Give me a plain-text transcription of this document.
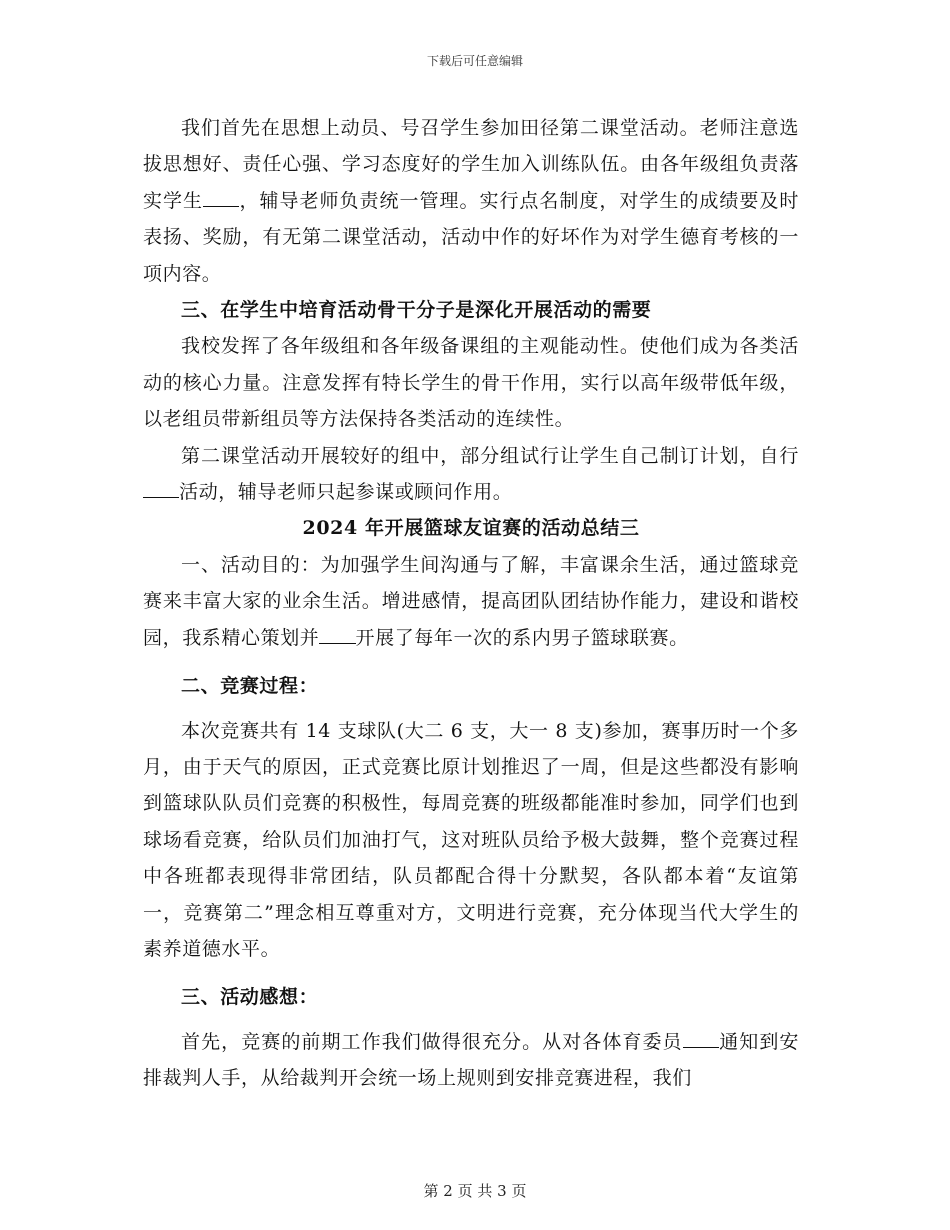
下载后可任意编辑

我们首先在思想上动员、号召学生参加田径第二课堂活动。老师注意选拔思想好、责任心强、学习态度好的学生加入训练队伍。由各年级组负责落实学生 ，辅导老师负责统一管理。实行点名制度，对学生的成绩要及时表扬、奖励，有无第二课堂活动，活动中作的好坏作为对学生德育考核的一项内容。

三、在学生中培育活动骨干分子是深化开展活动的需要

我校发挥了各年级组和各年级备课组的主观能动性。使他们成为各类活动的核心力量。注意发挥有特长学生的骨干作用，实行以高年级带低年级，以老组员带新组员等方法保持各类活动的连续性。

第二课堂活动开展较好的组中，部分组试行让学生自己制订计划，自行活动，辅导老师只起参谋或顾问作用。

2024 年开展篮球友谊赛的活动总结三

一、活动目的：为加强学生间沟通与了解，丰富课余生活，通过篮球竞赛来丰富大家的业余生活。增进感情，提高团队团结协作能力，建设和谐校园，我系精心策划并 开展了每年一次的系内男子篮球联赛。

二、竞赛过程：

本次竞赛共有 14 支球队(大二 6 支，大一 8 支)参加，赛事历时一个多月，由于天气的原因，正式竞赛比原计划推迟了一周，但是这些都没有影响到篮球队队员们竞赛的积极性，每周竞赛的班级都能准时参加，同学们也到球场看竞赛，给队员们加油打气，这对班队员给予极大鼓舞，整个竞赛过程中各班都表现得非常团结，队员都配合得十分默契，各队都本着“友谊第一，竞赛第二”理念相互尊重对方，文明进行竞赛，充分体现当代大学生的素养道德水平。

三、活动感想：

首先，竞赛的前期工作我们做得很充分。从对各体育委员 通知到安排裁判人手，从给裁判开会统一场上规则到安排竞赛进程，我们

第 2 页 共 3 页
